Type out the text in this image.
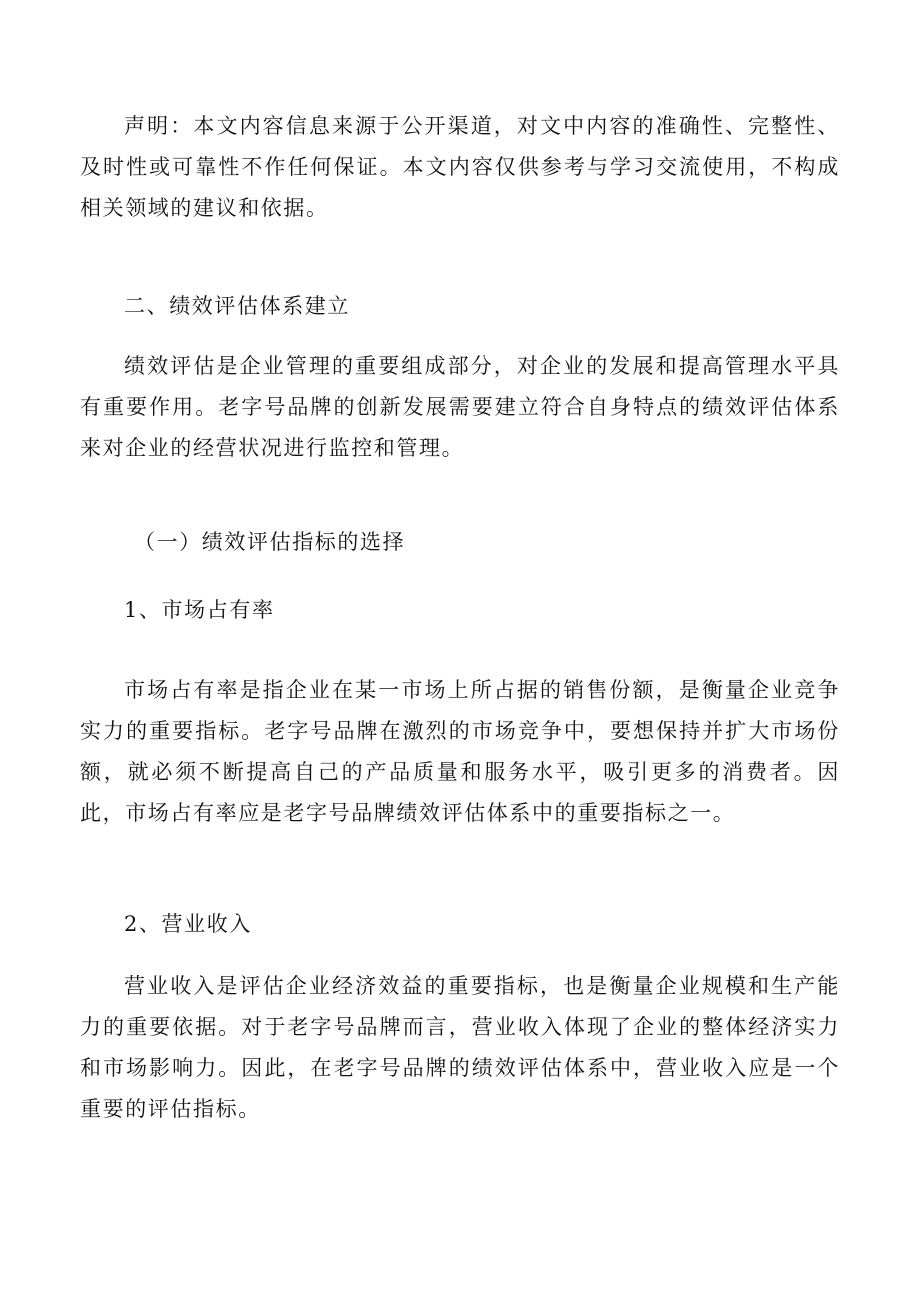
声明：本文内容信息来源于公开渠道，对文中内容的准确性、完整性、及时性或可靠性不作任何保证。本文内容仅供参考与学习交流使用，不构成相关领域的建议和依据。

二、绩效评估体系建立

绩效评估是企业管理的重要组成部分，对企业的发展和提高管理水平具有重要作用。老字号品牌的创新发展需要建立符合自身特点的绩效评估体系来对企业的经营状况进行监控和管理。

（一）绩效评估指标的选择

1、市场占有率

市场占有率是指企业在某一市场上所占据的销售份额，是衡量企业竞争实力的重要指标。老字号品牌在激烈的市场竞争中，要想保持并扩大市场份额，就必须不断提高自己的产品质量和服务水平，吸引更多的消费者。因此，市场占有率应是老字号品牌绩效评估体系中的重要指标之一。

2、营业收入

营业收入是评估企业经济效益的重要指标，也是衡量企业规模和生产能力的重要依据。对于老字号品牌而言，营业收入体现了企业的整体经济实力和市场影响力。因此，在老字号品牌的绩效评估体系中，营业收入应是一个重要的评估指标。
